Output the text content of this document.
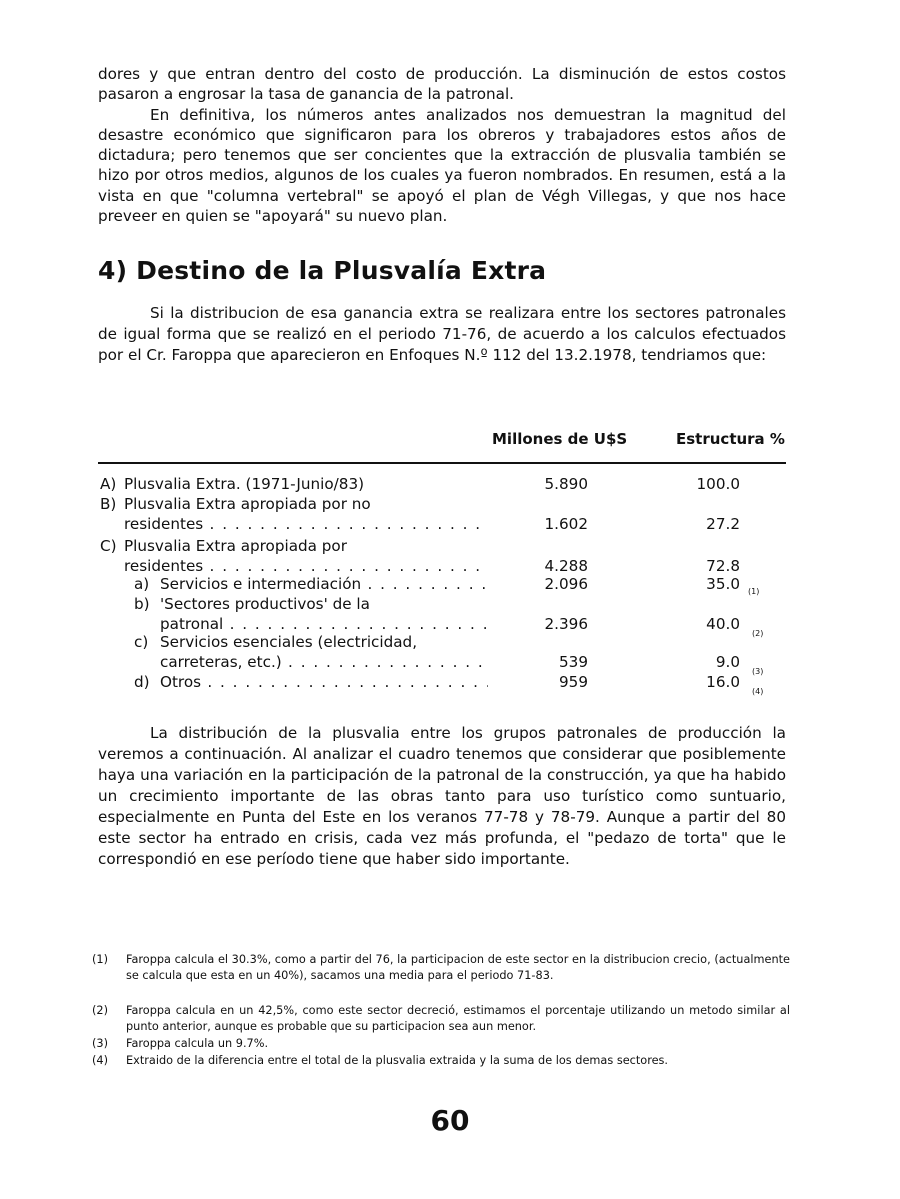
dores y que entran dentro del costo de producción. La disminución de estos costos pasaron a engrosar la tasa de ganancia de la patronal.
En definitiva, los números antes analizados nos demuestran la magnitud del desastre económico que significaron para los obreros y trabajadores estos años de dictadura; pero tenemos que ser concientes que la extracción de plusvalia también se hizo por otros medios, algunos de los cuales ya fueron nombrados. En resumen, está a la vista en que "columna vertebral" se apoyó el plan de Végh Villegas, y que nos hace preveer en quien se "apoyará" su nuevo plan.
4) Destino de la Plusvalía Extra

Si la distribucion de esa ganancia extra se realizara entre los sectores patronales de igual forma que se realizó en el periodo 71-76, de acuerdo a los calculos efectuados por el Cr. Faroppa que aparecieron en Enfoques N.º 112 del 13.2.1978, tendriamos que:

Millones de U$S	Estructura %
A) Plusvalia Extra. (1971-Junio/83)	5.890	100.0
B) Plusvalia Extra apropiada por no
residentes . . .	1.602	27.2
C) Plusvalia Extra apropiada por
residentes . . .	4.288	72.8
a) Servicios e intermediación . . .	2.096	35.0 (1)
b) 'Sectores productivos' de la
patronal . . .	2.396	40.0
(2)
c) Servicios esenciales (electricidad,
carreteras, etc.) . . .	539	9.0
(3)
d) Otros . . .	959	16.0
(4)

La distribución de la plusvalia entre los grupos patronales de producción la veremos a continuación. Al analizar el cuadro tenemos que considerar que posiblemente haya una variación en la participación de la patronal de la construcción, ya que ha habido un crecimiento importante de las obras tanto para uso turístico como suntuario, especialmente en Punta del Este en los veranos 77-78 y 78-79. Aunque a partir del 80 este sector ha entrado en crisis, cada vez más profunda, el "pedazo de torta" que le correspondió en ese período tiene que haber sido importante.

(1) Faroppa calcula el 30.3%, como a partir del 76, la participacion de este sector en la distribucion crecio, (actualmente se calcula que esta en un 40%), sacamos una media para el periodo 71-83.
(2) Faroppa calcula en un 42,5%, como este sector decreció, estimamos el porcentaje utilizando un metodo similar al punto anterior, aunque es probable que su participacion sea aun menor.
(3) Faroppa calcula un 9.7%.
(4) Extraido de la diferencia entre el total de la plusvalia extraida y la suma de los demas sectores.
60
